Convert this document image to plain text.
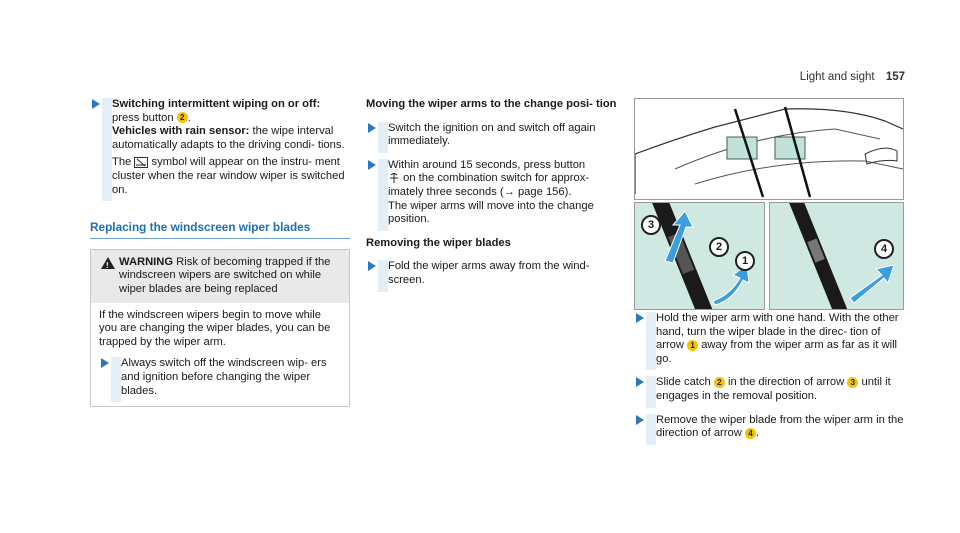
Light and sight 157

Switching intermittent wiping on or off:
press button 2 .
Vehicles with rain sensor: the wipe interval automatically adapts to the driving condi- tions.

The symbol will appear on the instru- ment cluster when the rear window wiper is switched on.

Replacing the windscreen wiper blades
!
WARNING Risk of becoming trapped if the windscreen wipers are switched on while wiper blades are being replaced

If the windscreen wipers begin to move while you are changing the wiper blades, you can be trapped by the wiper arm.

Always switch off the windscreen wip- ers and ignition before changing the wiper blades.

Moving the wiper arms to the change posi- tion

Switch the ignition on and switch off again immediately.

Within around 15 seconds, press button
on the combination switch for approx- imately three seconds (→ page 156).
The wiper arms will move into the change position.

Removing the wiper blades

Fold the wiper arms away from the wind- screen.

3
2
1
4

Hold the wiper arm with one hand. With the other hand, turn the wiper blade in the direc- tion of arrow 1 away from the wiper arm as far as it will go.

Slide catch 2 in the direction of arrow 3 until it engages in the removal position.

Remove the wiper blade from the wiper arm in the direction of arrow 4 .
